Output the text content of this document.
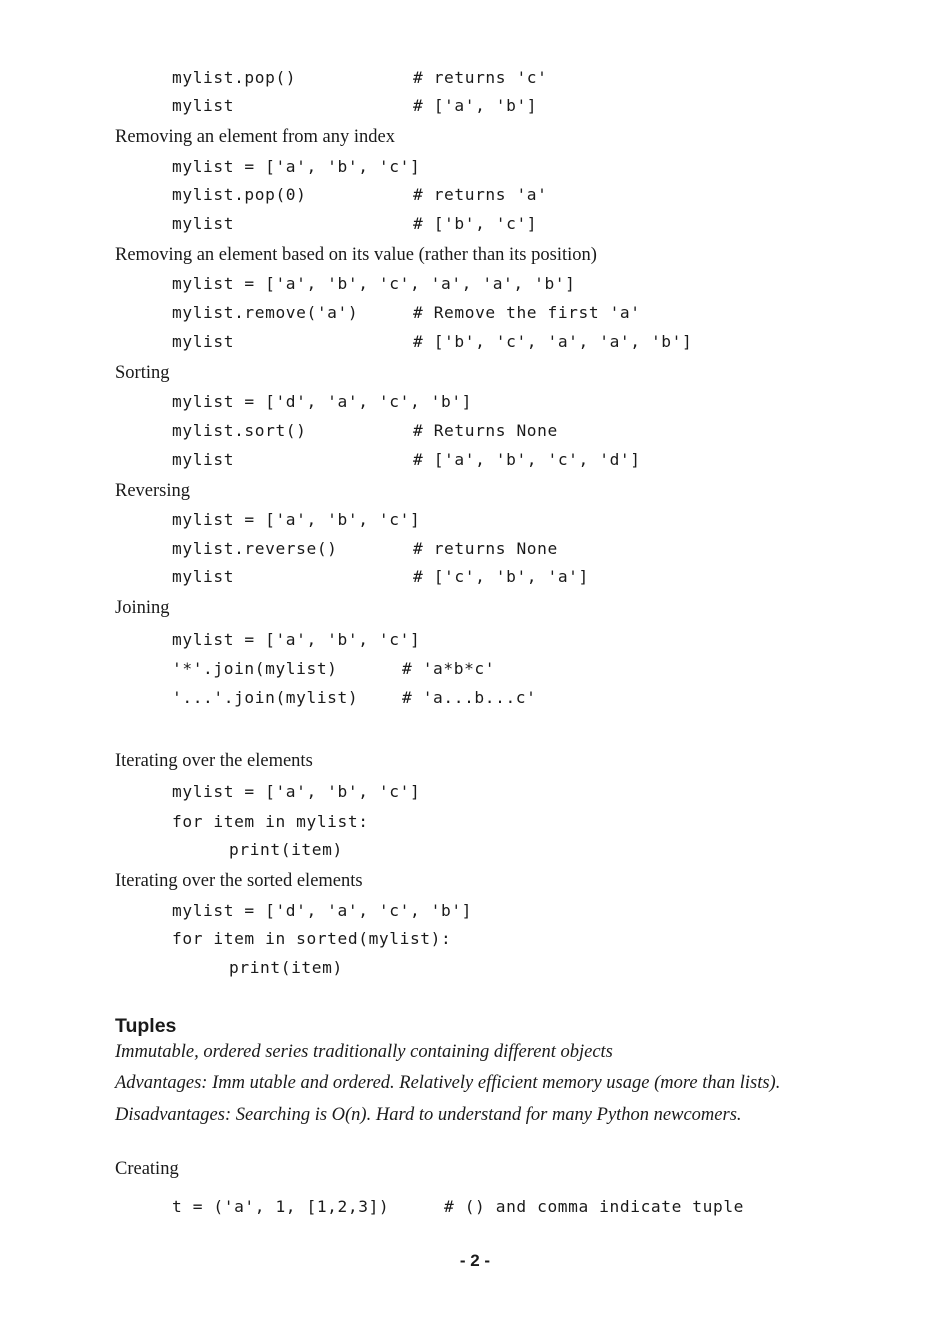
mylist.pop()	# returns 'c'
mylist	# ['a', 'b']
Removing an element from any index
mylist = ['a', 'b', 'c']
mylist.pop(0)	# returns 'a'
mylist	# ['b', 'c']
Removing an element based on its value (rather than its position)
mylist = ['a', 'b', 'c', 'a', 'a', 'b']
mylist.remove('a')	# Remove the first 'a'
mylist	# ['b', 'c', 'a', 'a', 'b']
Sorting
mylist = ['d', 'a', 'c', 'b']
mylist.sort()	# Returns None
mylist	# ['a', 'b', 'c', 'd']
Reversing
mylist = ['a', 'b', 'c']
mylist.reverse()	# returns None
mylist	# ['c', 'b', 'a']
Joining
mylist = ['a', 'b', 'c']
'*'.join(mylist)	# 'a*b*c'
'...'.join(mylist)	# 'a...b...c'
Iterating over the elements
mylist = ['a', 'b', 'c']
for item in mylist:
print(item)
Iterating over the sorted elements
mylist = ['d', 'a', 'c', 'b']
for item in sorted(mylist):
print(item)
Tuples
Immutable, ordered series traditionally containing different objects
Advantages: Imm utable and ordered. Relatively efficient memory usage (more than lists).
Disadvantages: Searching is O(n). Hard to understand for many Python newcomers.
Creating
t = ('a', 1, [1,2,3])	# () and comma indicate tuple
- 2 -
